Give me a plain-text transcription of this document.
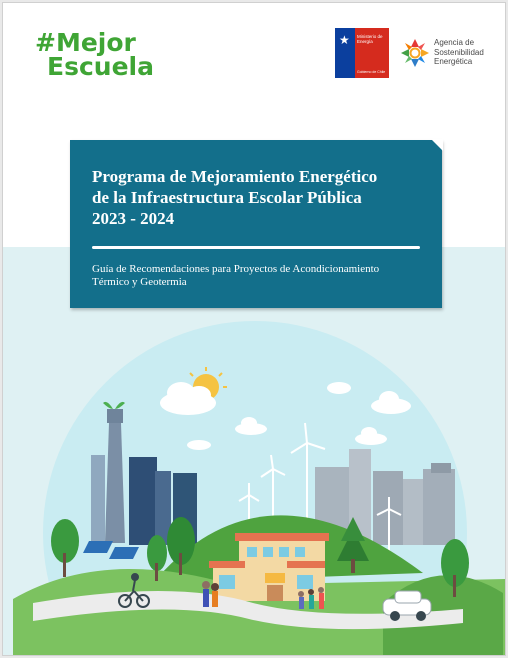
#Mejor
Escuela
★ Ministerio de
Energía
Gobierno de Chile
Agencia de
Sostenibilidad
Energética
Programa de Mejoramiento Energético
de la Infraestructura Escolar Pública
2023 - 2024
Guía de Recomendaciones para Proyectos de Acondicionamiento
Térmico y Geotermia
